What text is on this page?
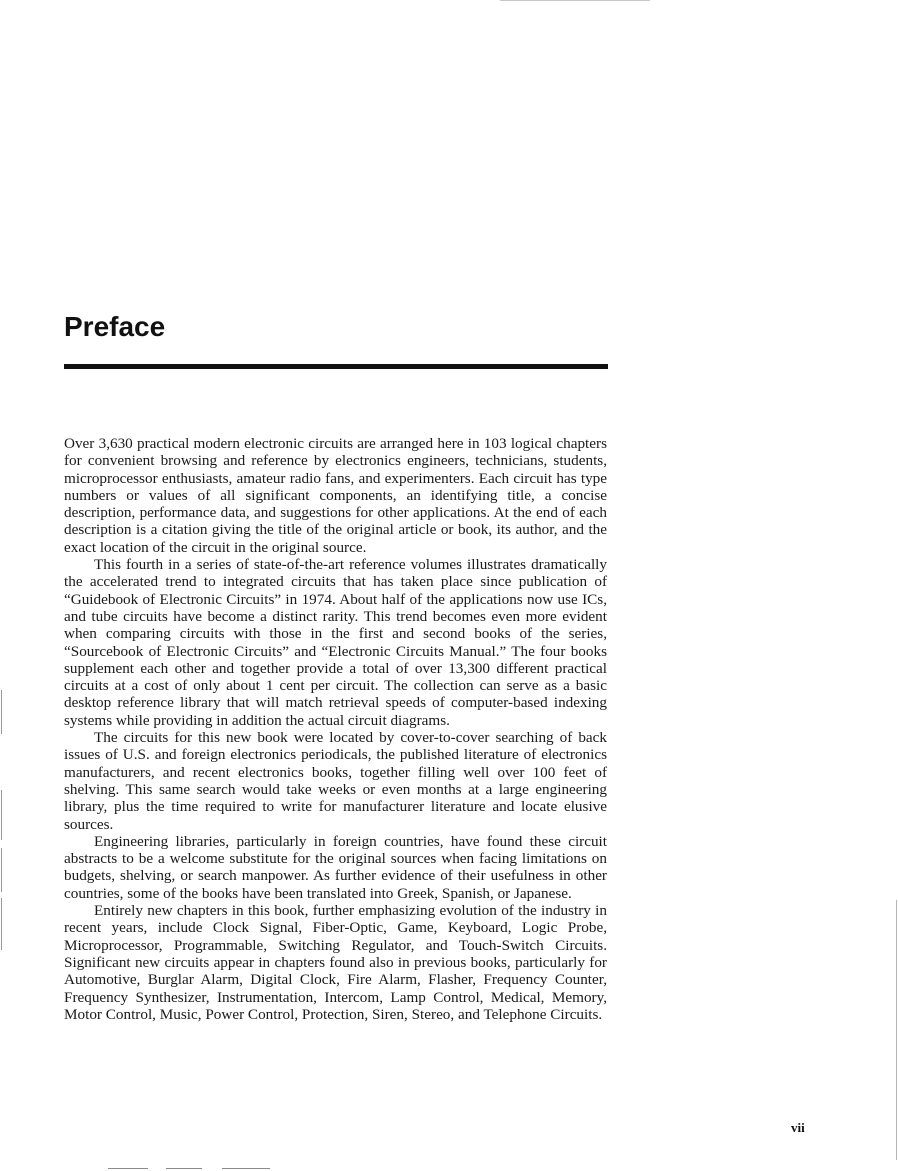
Preface

Over 3,630 practical modern electronic circuits are arranged here in 103 logical chapters for convenient browsing and reference by electronics engineers, technicians, students, microprocessor enthusiasts, amateur radio fans, and experimenters. Each circuit has type numbers or values of all significant components, an identifying title, a concise description, performance data, and suggestions for other applications. At the end of each description is a citation giving the title of the original article or book, its author, and the exact location of the circuit in the original source.

This fourth in a series of state-of-the-art reference volumes illustrates dramatically the accelerated trend to integrated circuits that has taken place since publication of “Guidebook of Electronic Circuits” in 1974. About half of the applications now use ICs, and tube circuits have become a distinct rarity. This trend becomes even more evident when comparing circuits with those in the first and second books of the series, “Sourcebook of Electronic Circuits” and “Electronic Circuits Manual.” The four books supplement each other and together provide a total of over 13,300 different practical circuits at a cost of only about 1 cent per circuit. The collection can serve as a basic desktop reference library that will match retrieval speeds of computer-based indexing systems while providing in addition the actual circuit diagrams.

The circuits for this new book were located by cover-to-cover searching of back issues of U.S. and foreign electronics periodicals, the published literature of electronics manufacturers, and recent electronics books, together filling well over 100 feet of shelving. This same search would take weeks or even months at a large engineering library, plus the time required to write for manufacturer literature and locate elusive sources.

Engineering libraries, particularly in foreign countries, have found these circuit abstracts to be a welcome substitute for the original sources when facing limitations on budgets, shelving, or search manpower. As further evidence of their usefulness in other countries, some of the books have been translated into Greek, Spanish, or Japanese.

Entirely new chapters in this book, further emphasizing evolution of the industry in recent years, include Clock Signal, Fiber-Optic, Game, Keyboard, Logic Probe, Microprocessor, Programmable, Switching Regulator, and Touch-Switch Circuits. Significant new circuits appear in chapters found also in previous books, particularly for Automotive, Burglar Alarm, Digital Clock, Fire Alarm, Flasher, Frequency Counter, Frequency Synthesizer, Instrumentation, Intercom, Lamp Control, Medical, Memory, Motor Control, Music, Power Control, Protection, Siren, Stereo, and Telephone Circuits.

vii
